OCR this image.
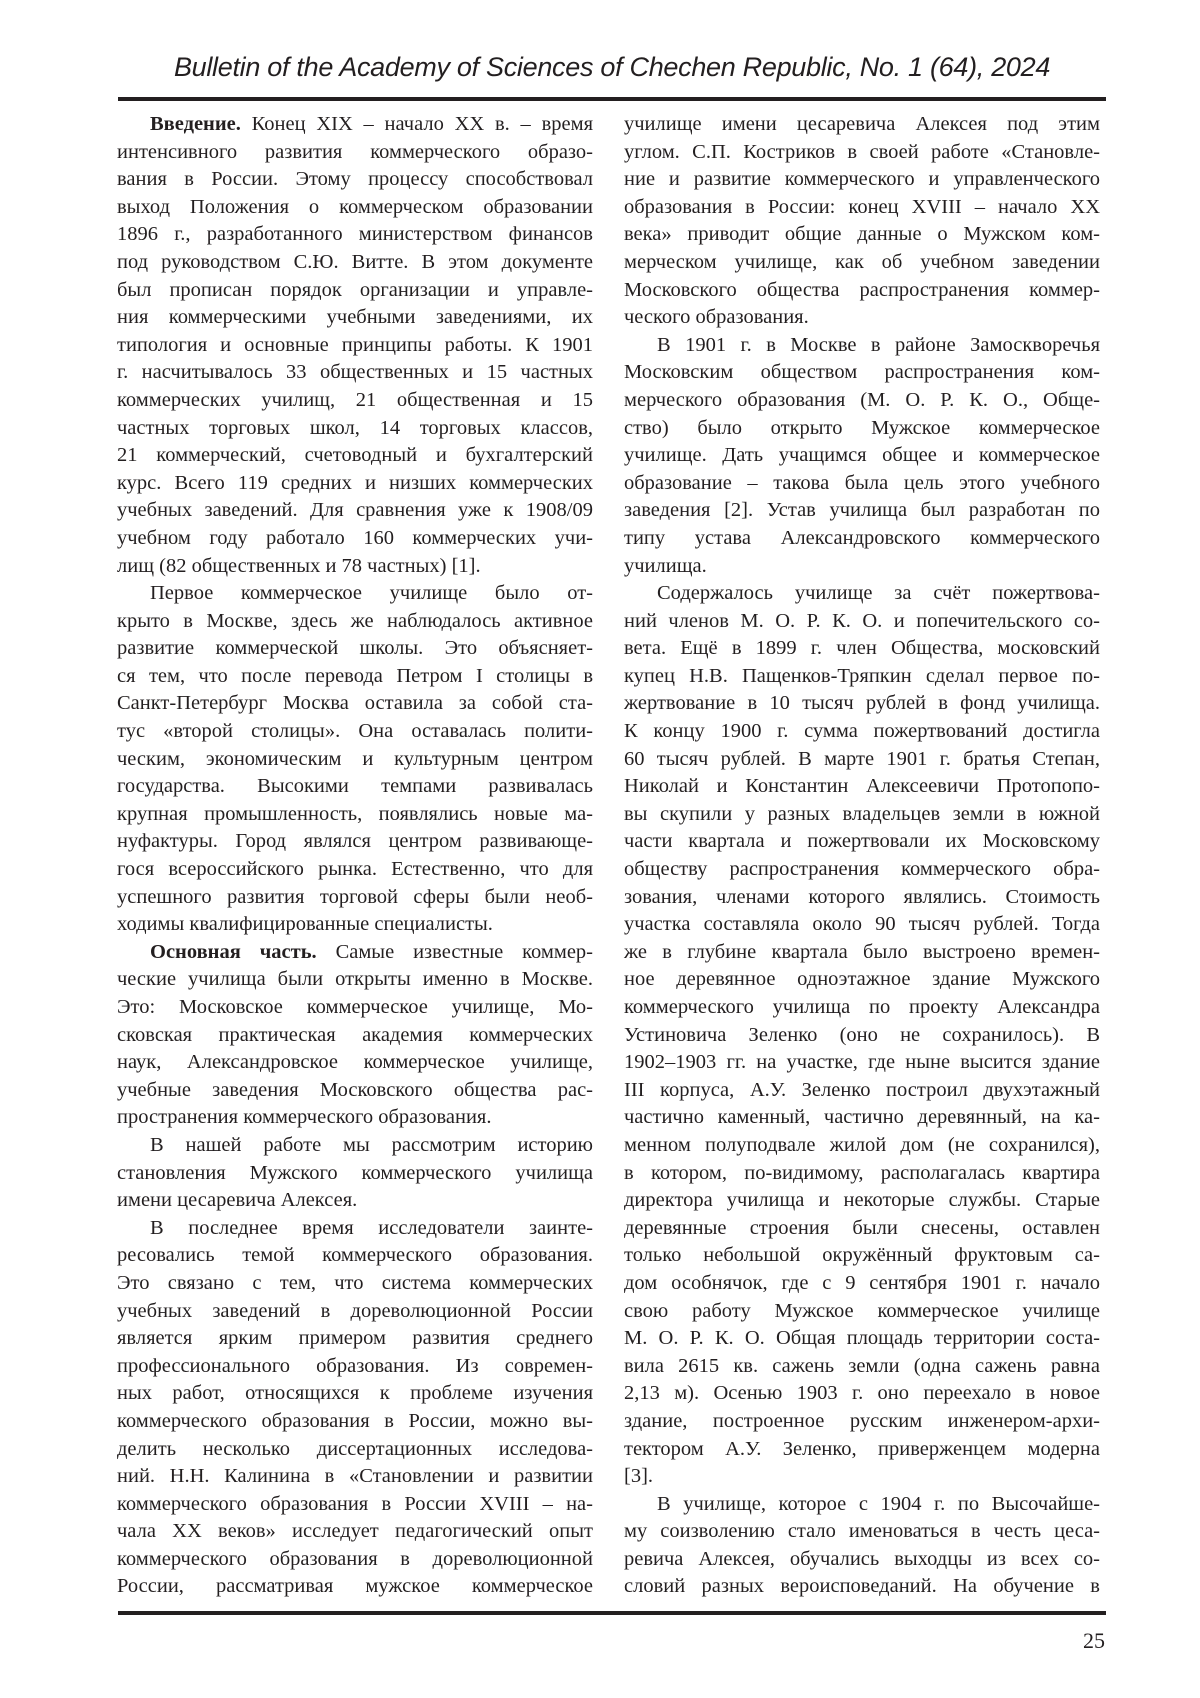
Bulletin of the Academy of Sciences of Chechen Republic, No. 1 (64), 2024
Введение. Конец XIX – начало XX в. – время
интенсивного развития коммерческого образо-
вания в России. Этому процессу способствовал
выход Положения о коммерческом образовании
1896 г., разработанного министерством финансов
под руководством С.Ю. Витте. В этом документе
был прописан порядок организации и управле-
ния коммерческими учебными заведениями, их
типология и основные принципы работы. К 1901
г. насчитывалось 33 общественных и 15 частных
коммерческих училищ, 21 общественная и 15
частных торговых школ, 14 торговых классов,
21 коммерческий, счетоводный и бухгалтерский
курс. Всего 119 средних и низших коммерческих
учебных заведений. Для сравнения уже к 1908/09
учебном году работало 160 коммерческих учи-
лищ (82 общественных и 78 частных) [1].
Первое коммерческое училище было от-
крыто в Москве, здесь же наблюдалось активное
развитие коммерческой школы. Это объясняет-
ся тем, что после перевода Петром I столицы в
Санкт-Петербург Москва оставила за собой ста-
тус «второй столицы». Она оставалась полити-
ческим, экономическим и культурным центром
государства. Высокими темпами развивалась
крупная промышленность, появлялись новые ма-
нуфактуры. Город являлся центром развивающе-
гося всероссийского рынка. Естественно, что для
успешного развития торговой сферы были необ-
ходимы квалифицированные специалисты.
Основная часть. Самые известные коммер-
ческие училища были открыты именно в Москве.
Это: Московское коммерческое училище, Мо-
сковская практическая академия коммерческих
наук, Александровское коммерческое училище,
учебные заведения Московского общества рас-
пространения коммерческого образования.
В нашей работе мы рассмотрим историю
становления Мужского коммерческого училища
имени цесаревича Алексея.
В последнее время исследователи заинте-
ресовались темой коммерческого образования.
Это связано с тем, что система коммерческих
учебных заведений в дореволюционной России
является ярким примером развития среднего
профессионального образования. Из современ-
ных работ, относящихся к проблеме изучения
коммерческого образования в России, можно вы-
делить несколько диссертационных исследова-
ний. Н.Н. Калинина в «Становлении и развитии
коммерческого образования в России XVIII – на-
чала XX веков» исследует педагогический опыт
коммерческого образования в дореволюционной
России, рассматривая мужское коммерческое
училище имени цесаревича Алексея под этим
углом. С.П. Костриков в своей работе «Становле-
ние и развитие коммерческого и управленческого
образования в России: конец XVIII – начало XX
века» приводит общие данные о Мужском ком-
мерческом училище, как об учебном заведении
Московского общества распространения коммер-
ческого образования.
В 1901 г. в Москве в районе Замоскворечья
Московским обществом распространения ком-
мерческого образования (М. О. Р. К. О., Обще-
ство) было открыто Мужское коммерческое
училище. Дать учащимся общее и коммерческое
образование – такова была цель этого учебного
заведения [2]. Устав училища был разработан по
типу устава Александровского коммерческого
училища.
Содержалось училище за счёт пожертвова-
ний членов М. О. Р. К. О. и попечительского со-
вета. Ещё в 1899 г. член Общества, московский
купец Н.В. Пащенков-Тряпкин сделал первое по-
жертвование в 10 тысяч рублей в фонд училища.
К концу 1900 г. сумма пожертвований достигла
60 тысяч рублей. В марте 1901 г. братья Степан,
Николай и Константин Алексеевичи Протопопо-
вы скупили у разных владельцев земли в южной
части квартала и пожертвовали их Московскому
обществу распространения коммерческого обра-
зования, членами которого являлись. Стоимость
участка составляла около 90 тысяч рублей. Тогда
же в глубине квартала было выстроено времен-
ное деревянное одноэтажное здание Мужского
коммерческого училища по проекту Александра
Устиновича Зеленко (оно не сохранилось). В
1902–1903 гг. на участке, где ныне высится здание
III корпуса, А.У. Зеленко построил двухэтажный
частично каменный, частично деревянный, на ка-
менном полуподвале жилой дом (не сохранился),
в котором, по-видимому, располагалась квартира
директора училища и некоторые службы. Старые
деревянные строения были снесены, оставлен
только небольшой окружённый фруктовым са-
дом особнячок, где с 9 сентября 1901 г. начало
свою работу Мужское коммерческое училище
М. О. Р. К. О. Общая площадь территории соста-
вила 2615 кв. сажень земли (одна сажень равна
2,13 м). Осенью 1903 г. оно переехало в новое
здание, построенное русским инженером-архи-
тектором А.У. Зеленко, приверженцем модерна
[3].
В училище, которое с 1904 г. по Высочайше-
му соизволению стало именоваться в честь цеса-
ревича Алексея, обучались выходцы из всех со-
словий разных вероисповеданий. На обучение в
25
